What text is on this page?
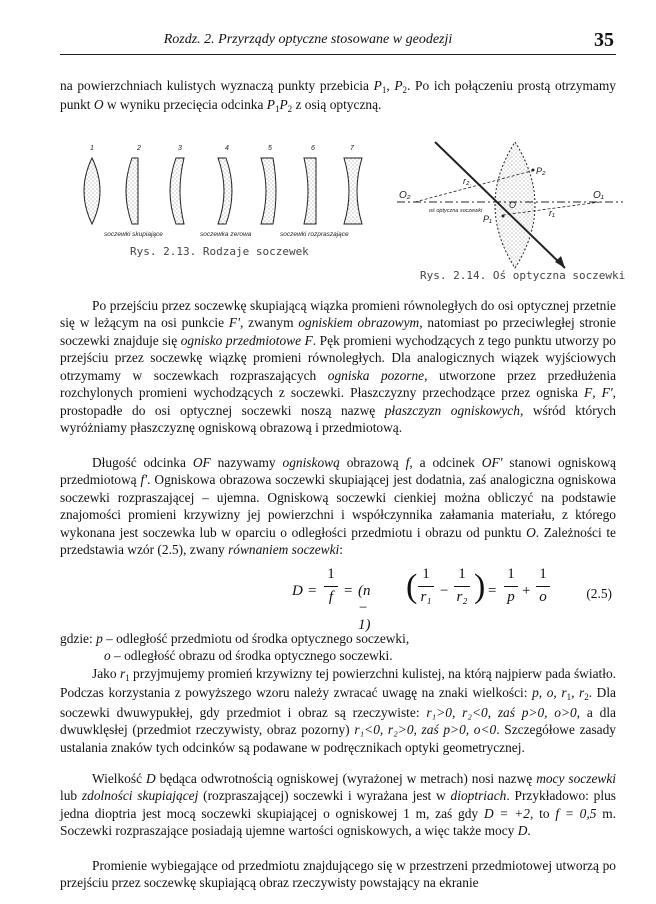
Rozdz. 2. Przyrządy optyczne stosowane w geodezji	35

na powierzchniach kulistych wyznaczą punkty przebicia $P_1$, $P_2$. Po ich połączeniu prostą otrzymamy punkt O w wyniku przecięcia odcinka $P_1P_2$ z osią optyczną.

1	2	3	4	5	6	7
soczewki skupiające	soczewka zerowa	soczewki rozpraszające
Rys. 2.13. Rodzaje soczewek
P₂
P₁
O
O₁
O₂
r₁
r₂
oś optyczna soczewki
Rys. 2.14. Oś optyczna soczewki

Po przejściu przez soczewkę skupiającą wiązka promieni równoległych do osi optycznej przetnie się w leżącym na osi punkcie F', zwanym ogniskiem obrazowym, natomiast po przeciwległej stronie soczewki znajduje się ognisko przedmiotowe F. Pęk promieni wychodzących z tego punktu utworzy po przejściu przez soczewkę wiązkę promieni równoległych. Dla analogicznych wiązek wyjściowych otrzymamy w soczewkach rozpraszających ogniska pozorne, utworzone przez przedłużenia rozchylonych promieni wychodzących z soczewki. Płaszczyzny przechodzące przez ogniska F, F', prostopadłe do osi optycznej soczewki noszą nazwę płaszczyzn ogniskowych, wśród których wyróżniamy płaszczyznę ogniskową obrazową i przedmiotową.

Długość odcinka OF nazywamy ogniskową obrazową f, a odcinek OF' stanowi ogniskową przedmiotową f'. Ogniskowa obrazowa soczewki skupiającej jest dodatnia, zaś analogiczna ogniskowa soczewki rozpraszającej – ujemna. Ogniskową soczewki cienkiej można obliczyć na podstawie znajomości promieni krzywizny jej powierzchni i współczynnika załamania materiału, z którego wykonana jest soczewka lub w oparciu o odległości przedmiotu i obrazu od punktu O. Zależności te przedstawia wzór (2.5), zwany równaniem soczewki:

D =
1
f = (n − 1)
( 1
r₁ −
1
r₂ ) =
1
p +
1
o	(2.5)
gdzie: p – odległość przedmiotu od środka optycznego soczewki,
o – odległość obrazu od środka optycznego soczewki.

Jako $r_1$ przyjmujemy promień krzywizny tej powierzchni kulistej, na którą najpierw pada światło. Podczas korzystania z powyższego wzoru należy zwracać uwagę na znaki wielkości: p, o, $r_1$, $r_2$. Dla soczewki dwuwypukłej, gdy przedmiot i obraz są rzeczywiste: r₁>0, r₂<0, zaś p>0, o>0, a dla dwuwklęsłej (przedmiot rzeczywisty, obraz pozorny) r₁<0, r₂>0, zaś p>0, o<0. Szczegółowe zasady ustalania znaków tych odcinków są podawane w podręcznikach optyki geometrycznej.

Wielkość D będąca odwrotnością ogniskowej (wyrażonej w metrach) nosi nazwę mocy soczewki lub zdolności skupiającej (rozpraszającej) soczewki i wyrażana jest w dioptriach. Przykładowo: plus jedna dioptria jest mocą soczewki skupiającej o ogniskowej 1 m, zaś gdy D = +2, to f = 0,5 m. Soczewki rozpraszające posiadają ujemne wartości ogniskowych, a więc także mocy D.

Promienie wybiegające od przedmiotu znajdującego się w przestrzeni przedmiotowej utworzą po przejściu przez soczewkę skupiającą obraz rzeczywisty powstający na ekranie
